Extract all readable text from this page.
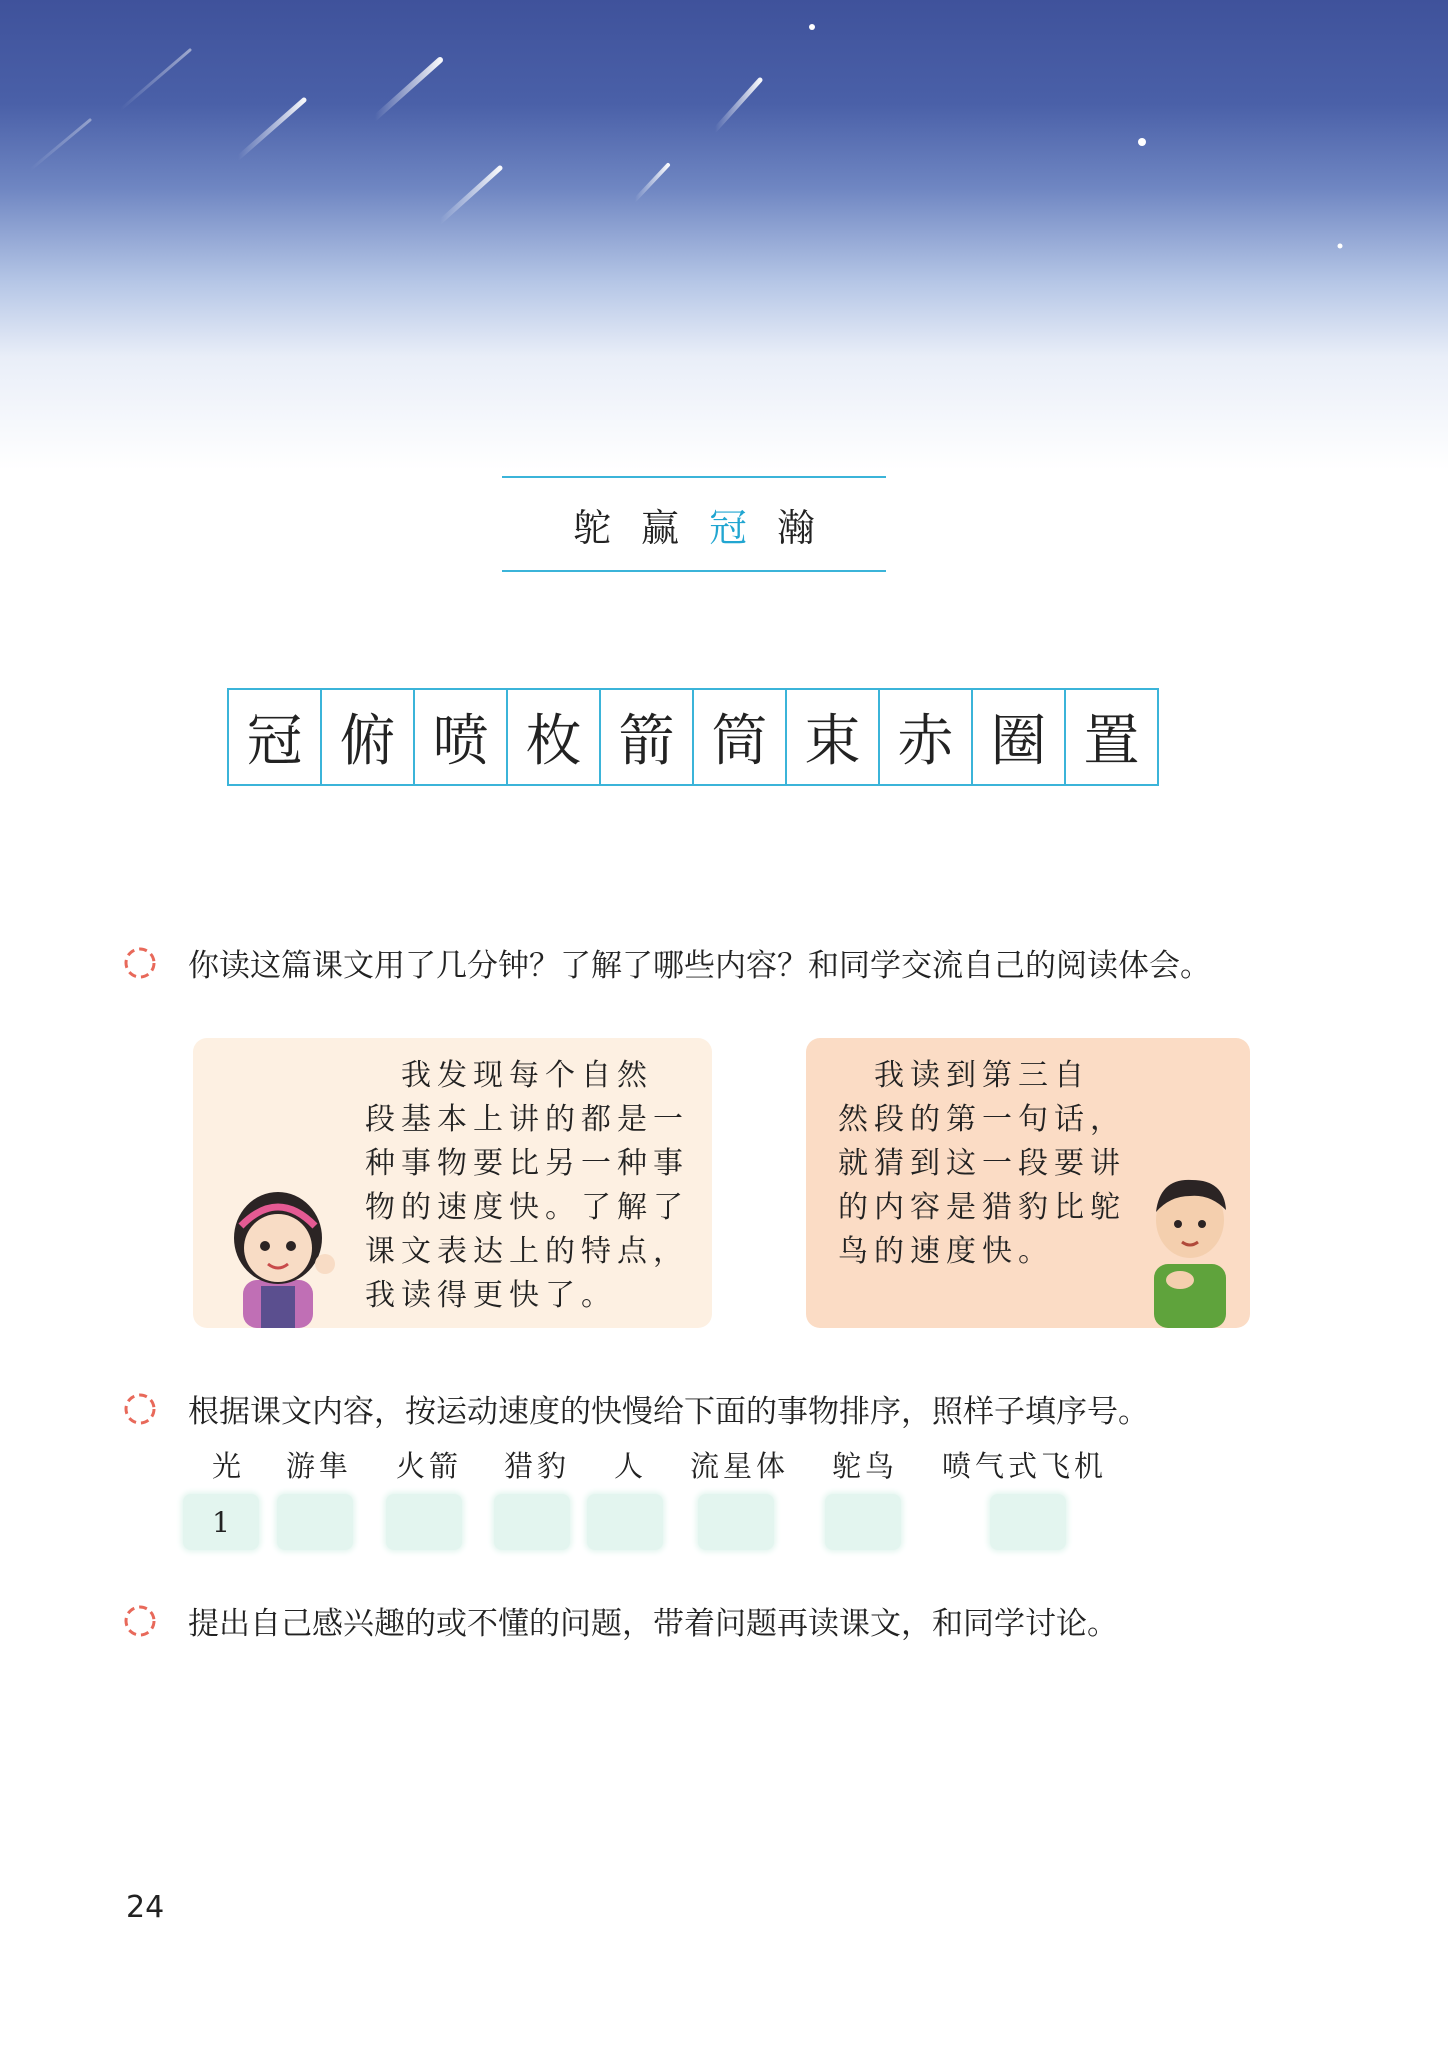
鸵 赢 冠 瀚
冠 俯 喷 枚 箭 筒 束 赤 圈 置
你读这篇课文用了几分钟？了解了哪些内容？和同学交流自己的阅读体会。
　我发现每个自然
段基本上讲的都是一
种事物要比另一种事
物的速度快。了解了
课文表达上的特点，
我读得更快了。
　我读到第三自
然段的第一句话，
就猜到这一段要讲
的内容是猎豹比鸵
鸟的速度快。
根据课文内容，按运动速度的快慢给下面的事物排序，照样子填序号。
光 游隼 火箭 猎豹 人 流星体 鸵鸟 喷气式飞机
1
提出自己感兴趣的或不懂的问题，带着问题再读课文，和同学讨论。
24
